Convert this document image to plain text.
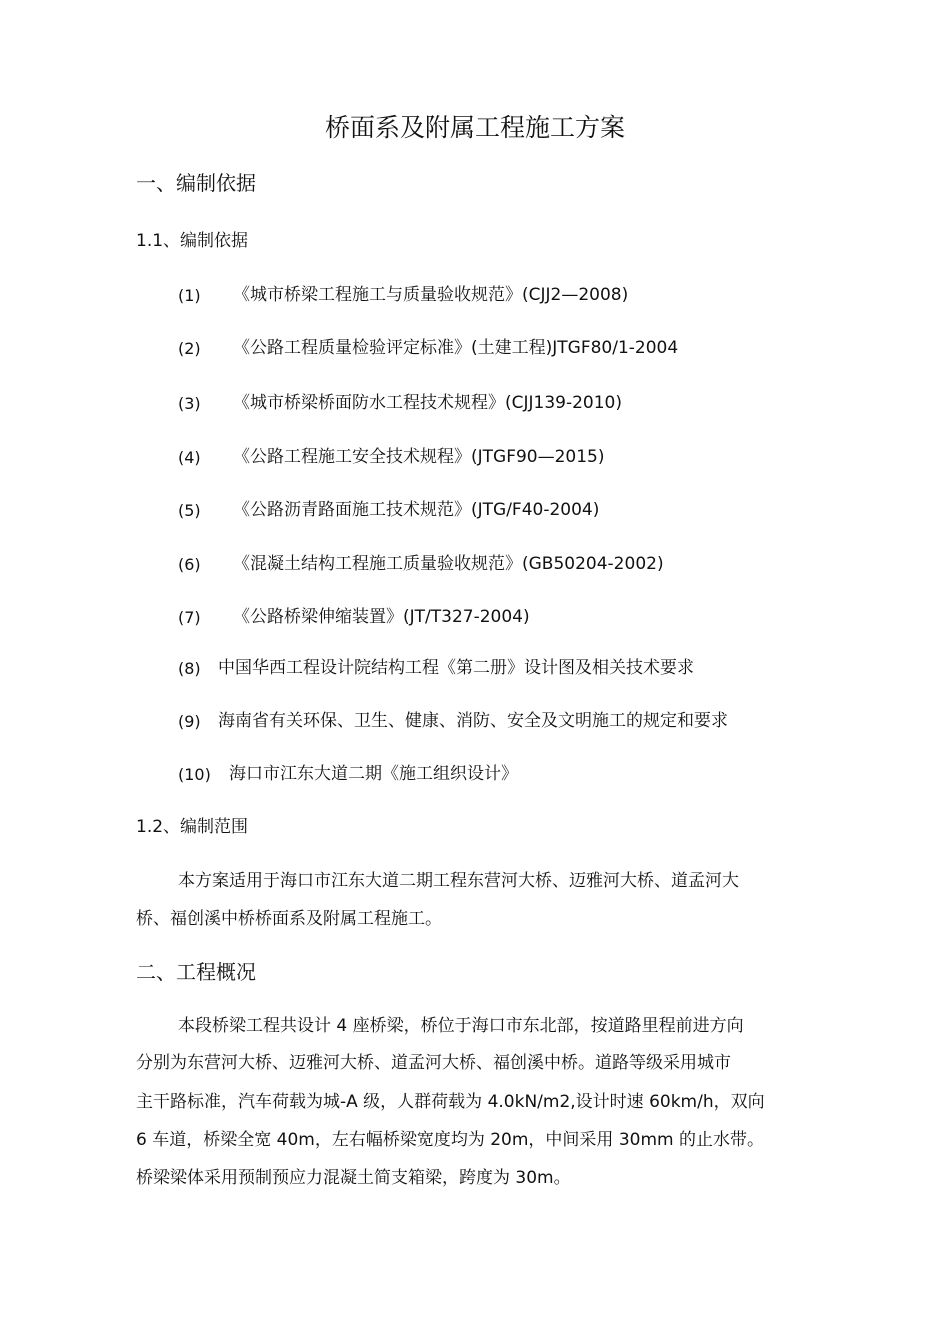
桥面系及附属工程施工方案
一、编制依据
1.1、编制依据
(1) 《城市桥梁工程施工与质量验收规范》(CJJ2—2008)
(2) 《公路工程质量检验评定标准》(土建工程)JTGF80/1-2004
(3) 《城市桥梁桥面防水工程技术规程》(CJJ139-2010)
(4) 《公路工程施工安全技术规程》(JTGF90—2015)
(5) 《公路沥青路面施工技术规范》(JTG/F40-2004)
(6) 《混凝土结构工程施工质量验收规范》(GB50204-2002)
(7) 《公路桥梁伸缩装置》(JT/T327-2004)
(8) 中国华西工程设计院结构工程《第二册》设计图及相关技术要求
(9) 海南省有关环保、卫生、健康、消防、安全及文明施工的规定和要求
(10) 海口市江东大道二期《施工组织设计》
1.2、编制范围
本方案适用于海口市江东大道二期工程东营河大桥、迈雅河大桥、道孟河大
桥、福创溪中桥桥面系及附属工程施工。
二、工程概况
本段桥梁工程共设计 4 座桥梁，桥位于海口市东北部，按道路里程前进方向
分别为东营河大桥、迈雅河大桥、道孟河大桥、福创溪中桥。道路等级采用城市
主干路标准，汽车荷载为城-A 级，人群荷载为 4.0kN/m2,设计时速 60km/h，双向
6 车道，桥梁全宽 40m，左右幅桥梁宽度均为 20m，中间采用 30mm 的止水带。
桥梁梁体采用预制预应力混凝土简支箱梁，跨度为 30m。
